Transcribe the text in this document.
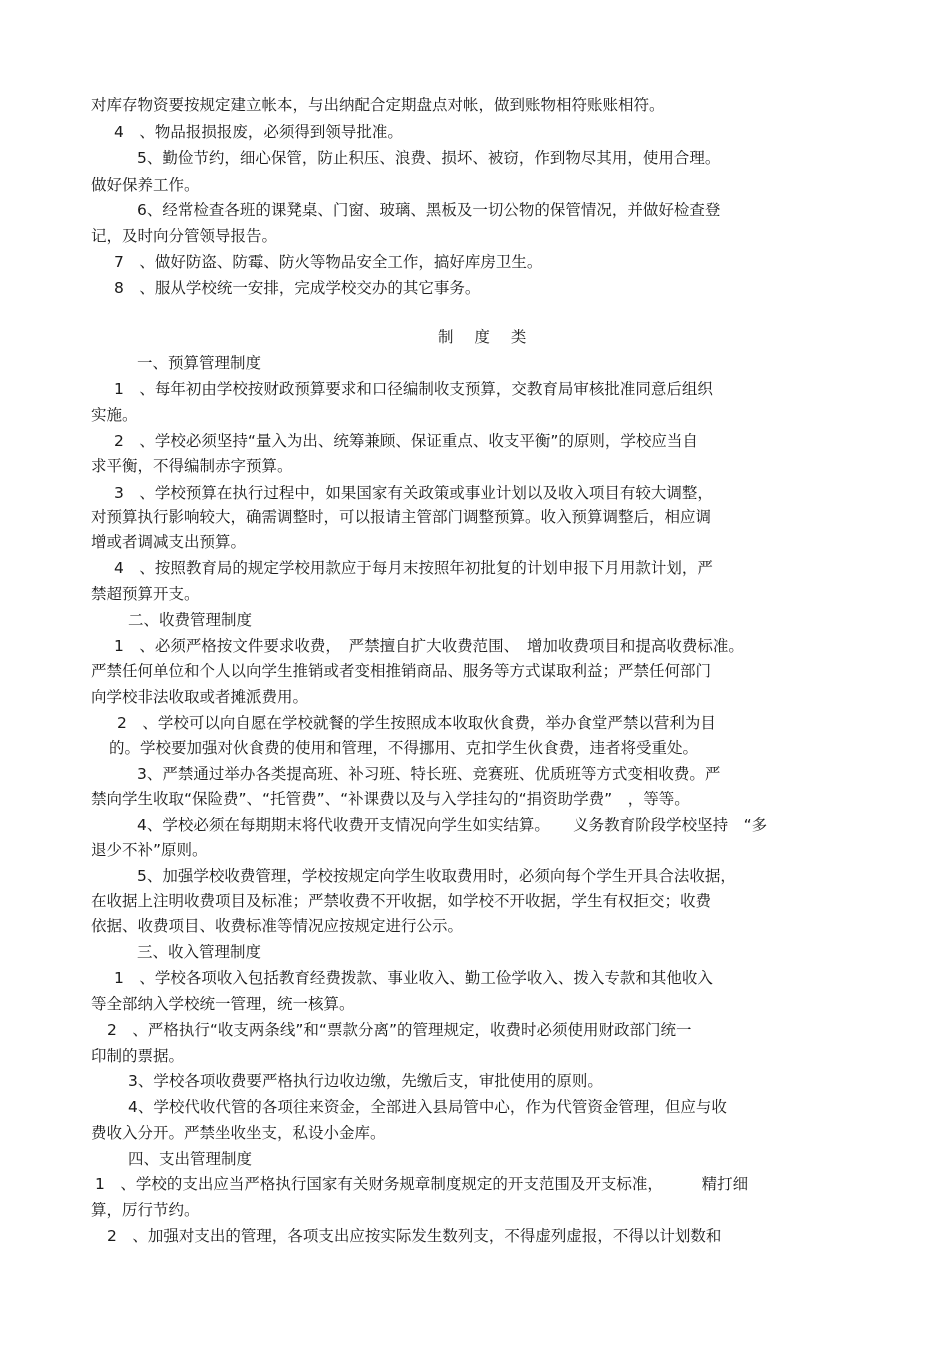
对库存物资要按规定建立帐本，与出纳配合定期盘点对帐，做到账物相符账账相符。
4　、物品报损报废，必须得到领导批准。
5、勤俭节约，细心保管，防止积压、浪费、损坏、被窃，作到物尽其用，使用合理。
做好保养工作。
6、经常检查各班的课凳桌、门窗、玻璃、黑板及一切公物的保管情况，并做好检查登
记，及时向分管领导报告。
7　、做好防盗、防霉、防火等物品安全工作，搞好库房卫生。
8　、服从学校统一安排，完成学校交办的其它事务。
制 度 类
一、预算管理制度
1　、每年初由学校按财政预算要求和口径编制收支预算，交教育局审核批准同意后组织
实施。
2　、学校必须坚持“量入为出、统筹兼顾、保证重点、收支平衡”的原则，学校应当自
求平衡，不得编制赤字预算。
3　、学校预算在执行过程中，如果国家有关政策或事业计划以及收入项目有较大调整，
对预算执行影响较大，确需调整时，可以报请主管部门调整预算。收入预算调整后，相应调
增或者调减支出预算。
4　、按照教育局的规定学校用款应于每月末按照年初批复的计划申报下月用款计划，严
禁超预算开支。
二、收费管理制度
1　、必须严格按文件要求收费，　严禁擅自扩大收费范围、　增加收费项目和提高收费标准。
严禁任何单位和个人以向学生推销或者变相推销商品、服务等方式谋取利益；严禁任何部门
向学校非法收取或者摊派费用。
2　、学校可以向自愿在学校就餐的学生按照成本收取伙食费，举办食堂严禁以营利为目
的。学校要加强对伙食费的使用和管理，不得挪用、克扣学生伙食费，违者将受重处。
3、严禁通过举办各类提高班、补习班、特长班、竞赛班、优质班等方式变相收费。严
禁向学生收取“保险费”、“托管费”、“补课费以及与入学挂勾的“捐资助学费”　，等等。
4、学校必须在每期期末将代收费开支情况向学生如实结算。　　义务教育阶段学校坚持　“多
退少不补”原则。
5、加强学校收费管理，学校按规定向学生收取费用时，必须向每个学生开具合法收据，
在收据上注明收费项目及标准；严禁收费不开收据，如学校不开收据，学生有权拒交；收费
依据、收费项目、收费标准等情况应按规定进行公示。
三、收入管理制度
1　、学校各项收入包括教育经费拨款、事业收入、勤工俭学收入、拨入专款和其他收入
等全部纳入学校统一管理，统一核算。
2　、严格执行“收支两条线”和“票款分离”的管理规定，收费时必须使用财政部门统一
印制的票据。
3、学校各项收费要严格执行边收边缴，先缴后支，审批使用的原则。
4、学校代收代管的各项往来资金，全部进入县局管中心，作为代管资金管理，但应与收
费收入分开。严禁坐收坐支，私设小金库。
四、支出管理制度
1　、学校的支出应当严格执行国家有关财务规章制度规定的开支范围及开支标准，　　　精打细
算，厉行节约。
2　、加强对支出的管理，各项支出应按实际发生数列支，不得虚列虚报，不得以计划数和
